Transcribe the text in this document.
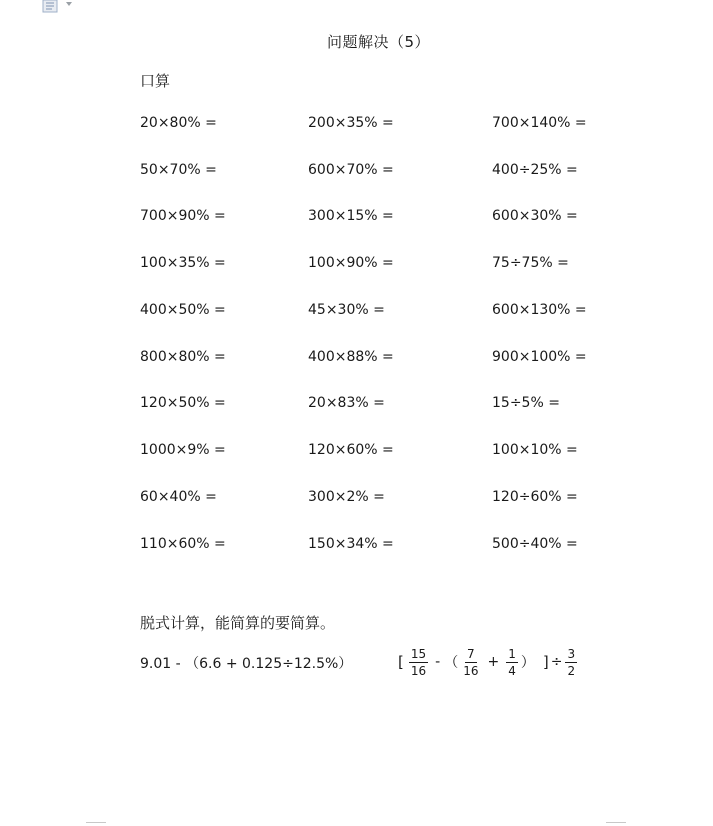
问题解决（5）
口算
20×80% =	200×35% =	700×140% =
50×70% =	600×70% =	400÷25% =
700×90% =	300×15% =	600×30% =
100×35% =	100×90% =	75÷75% =
400×50% =	45×30% =	600×130% =
800×80% =	400×88% =	900×100% =
120×50% =	20×83% =	15÷5% =
1000×9% =	120×60% =	100×10% =
60×40% =	300×2% =	120÷60% =
110×60% =	150×34% =	500÷40% =
脱式计算，能简算的要简算。
9.01 - （6.6 + 0.125÷12.5%）	[ $\frac{15}{16}$ - （ $\frac{7}{16} + \frac{1}{4}$ ） ] ÷ $\frac{3}{2}$
